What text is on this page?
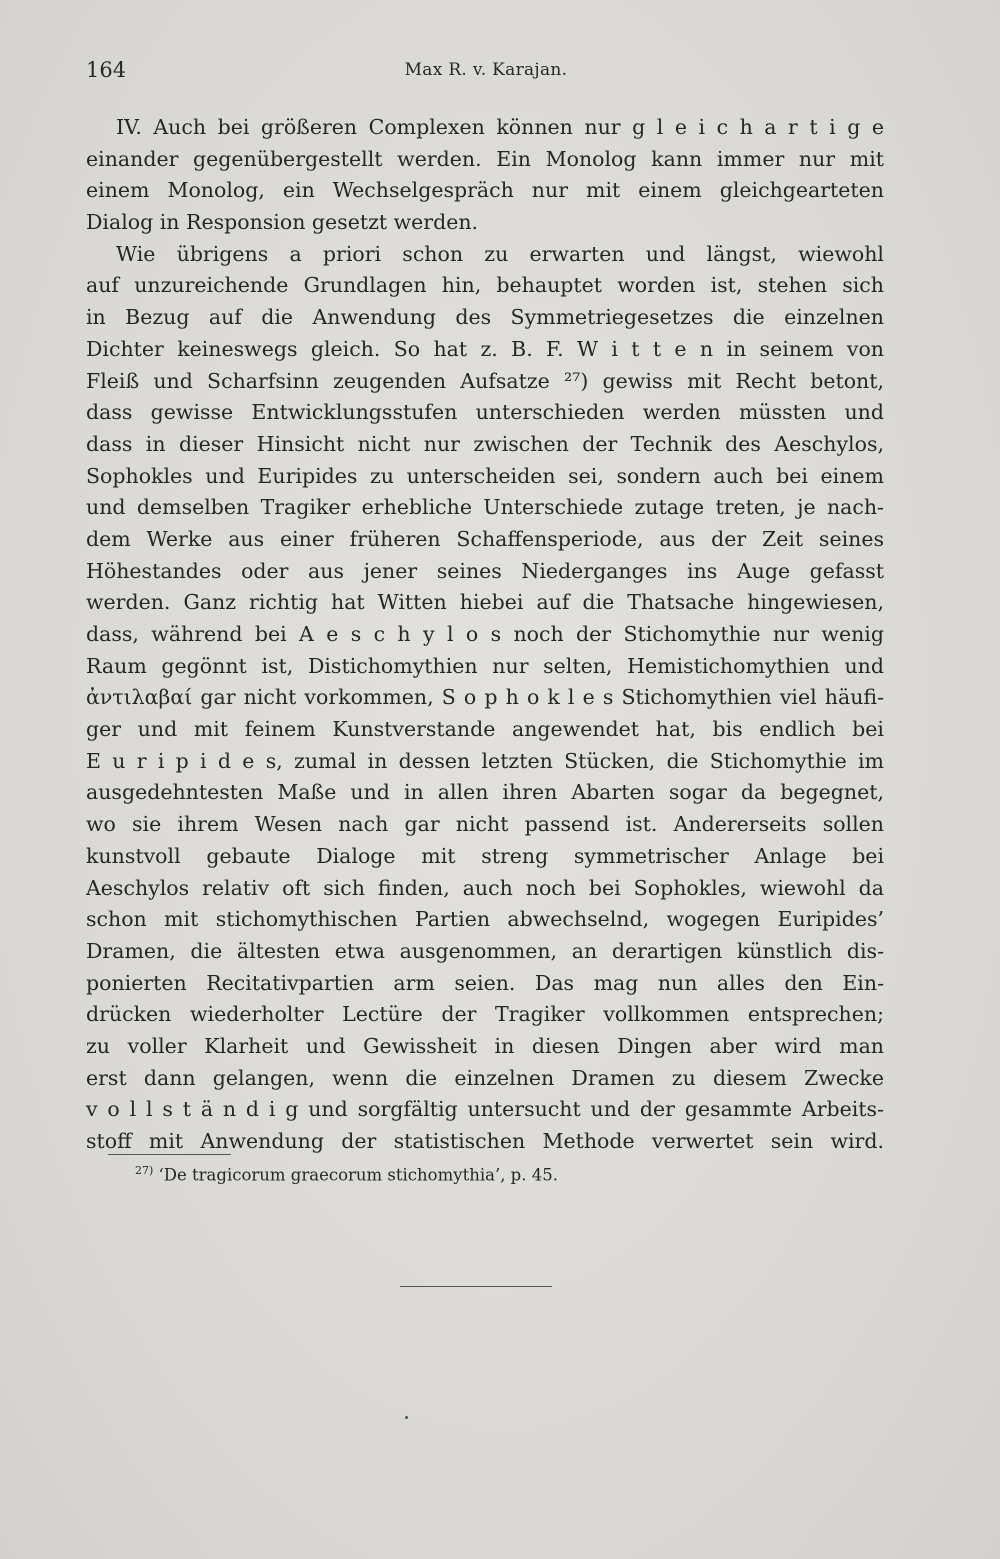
164	Max R. v. Karajan.
IV. Auch bei größeren Complexen können nur g l e i c h a r t i g e
einander gegenübergestellt werden. Ein Monolog kann immer nur mit
einem Monolog, ein Wechselgespräch nur mit einem gleichgearteten
Dialog in Responsion gesetzt werden.
Wie übrigens a priori schon zu erwarten und längst, wiewohl
auf unzureichende Grundlagen hin, behauptet worden ist, stehen sich
in Bezug auf die Anwendung des Symmetriegesetzes die einzelnen
Dichter keineswegs gleich. So hat z. B. F. W i t t e n in seinem von
Fleiß und Scharfsinn zeugenden Aufsatze ²⁷) gewiss mit Recht betont,
dass gewisse Entwicklungsstufen unterschieden werden müssten und
dass in dieser Hinsicht nicht nur zwischen der Technik des Aeschylos,
Sophokles und Euripides zu unterscheiden sei, sondern auch bei einem
und demselben Tragiker erhebliche Unterschiede zutage treten, je nach-
dem Werke aus einer früheren Schaffensperiode, aus der Zeit seines
Höhestandes oder aus jener seines Niederganges ins Auge gefasst
werden. Ganz richtig hat Witten hiebei auf die Thatsache hingewiesen,
dass, während bei A e s c h y l o s noch der Stichomythie nur wenig
Raum gegönnt ist, Distichomythien nur selten, Hemistichomythien und
ἀντιλαβαί gar nicht vorkommen, S o p h o k l e s Stichomythien viel häufi-
ger und mit feinem Kunstverstande angewendet hat, bis endlich bei
E u r i p i d e s, zumal in dessen letzten Stücken, die Stichomythie im
ausgedehntesten Maße und in allen ihren Abarten sogar da begegnet,
wo sie ihrem Wesen nach gar nicht passend ist. Andererseits sollen
kunstvoll gebaute Dialoge mit streng symmetrischer Anlage bei
Aeschylos relativ oft sich finden, auch noch bei Sophokles, wiewohl da
schon mit stichomythischen Partien abwechselnd, wogegen Euripides’
Dramen, die ältesten etwa ausgenommen, an derartigen künstlich dis-
ponierten Recitativpartien arm seien. Das mag nun alles den Ein-
drücken wiederholter Lectüre der Tragiker vollkommen entsprechen;
zu voller Klarheit und Gewissheit in diesen Dingen aber wird man
erst dann gelangen, wenn die einzelnen Dramen zu diesem Zwecke
v o l l s t ä n d i g und sorgfältig untersucht und der gesammte Arbeits-
stoff mit Anwendung der statistischen Methode verwertet sein wird.
$^{27)}$ ‘De tragicorum graecorum stichomythia’, p. 45.
